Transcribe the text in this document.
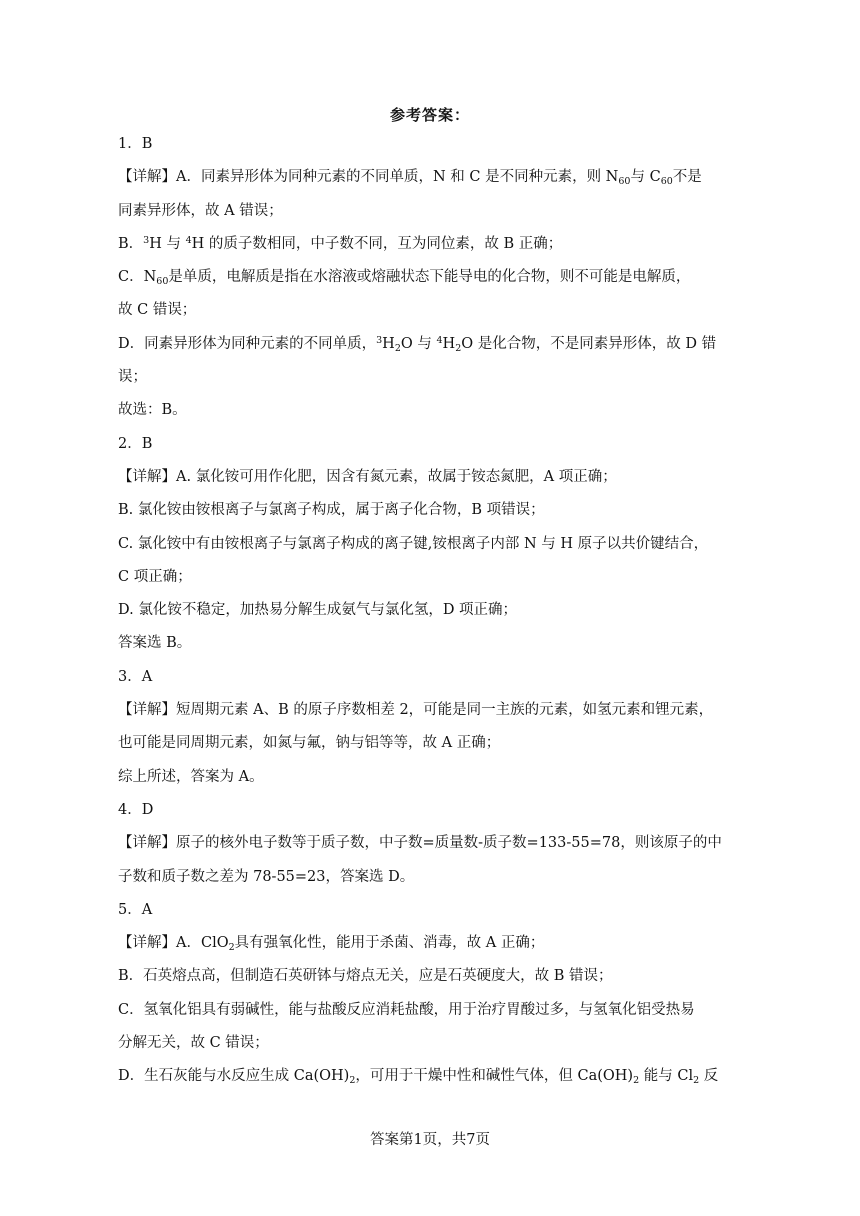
参考答案：
1．B
【详解】A．同素异形体为同种元素的不同单质，N 和 C 是不同种元素，则 $N_{60}$与 $C_{60}$不是
同素异形体，故 A 错误；
B．$^3$H 与 $^4$H 的质子数相同，中子数不同，互为同位素，故 B 正确；
C．$N_{60}$是单质，电解质是指在水溶液或熔融状态下能导电的化合物，则不可能是电解质，
故 C 错误；
D．同素异形体为同种元素的不同单质，$^3H_2O$ 与 $^4H_2O$ 是化合物，不是同素异形体，故 D 错
误；
故选：B。
2．B
【详解】A. 氯化铵可用作化肥，因含有氮元素，故属于铵态氮肥，A 项正确；
B. 氯化铵由铵根离子与氯离子构成，属于离子化合物，B 项错误；
C. 氯化铵中有由铵根离子与氯离子构成的离子键,铵根离子内部 N 与 H 原子以共价键结合，
C 项正确；
D. 氯化铵不稳定，加热易分解生成氨气与氯化氢，D 项正确；
答案选 B。
3．A
【详解】短周期元素 A、B 的原子序数相差 2，可能是同一主族的元素，如氢元素和锂元素，
也可能是同周期元素，如氮与氟，钠与铝等等，故 A 正确；
综上所述，答案为 A。
4．D
【详解】原子的核外电子数等于质子数，中子数=质量数-质子数=133-55=78，则该原子的中
子数和质子数之差为 78-55=23，答案选 D。
5．A
【详解】A．ClO$_2$具有强氧化性，能用于杀菌、消毒，故 A 正确；
B．石英熔点高，但制造石英研钵与熔点无关，应是石英硬度大，故 B 错误；
C．氢氧化铝具有弱碱性，能与盐酸反应消耗盐酸，用于治疗胃酸过多，与氢氧化铝受热易
分解无关，故 C 错误；
D．生石灰能与水反应生成 $Ca(OH)_2$，可用于干燥中性和碱性气体，但 $Ca(OH)_2$ 能与 $Cl_2$ 反
答案第1页，共7页
